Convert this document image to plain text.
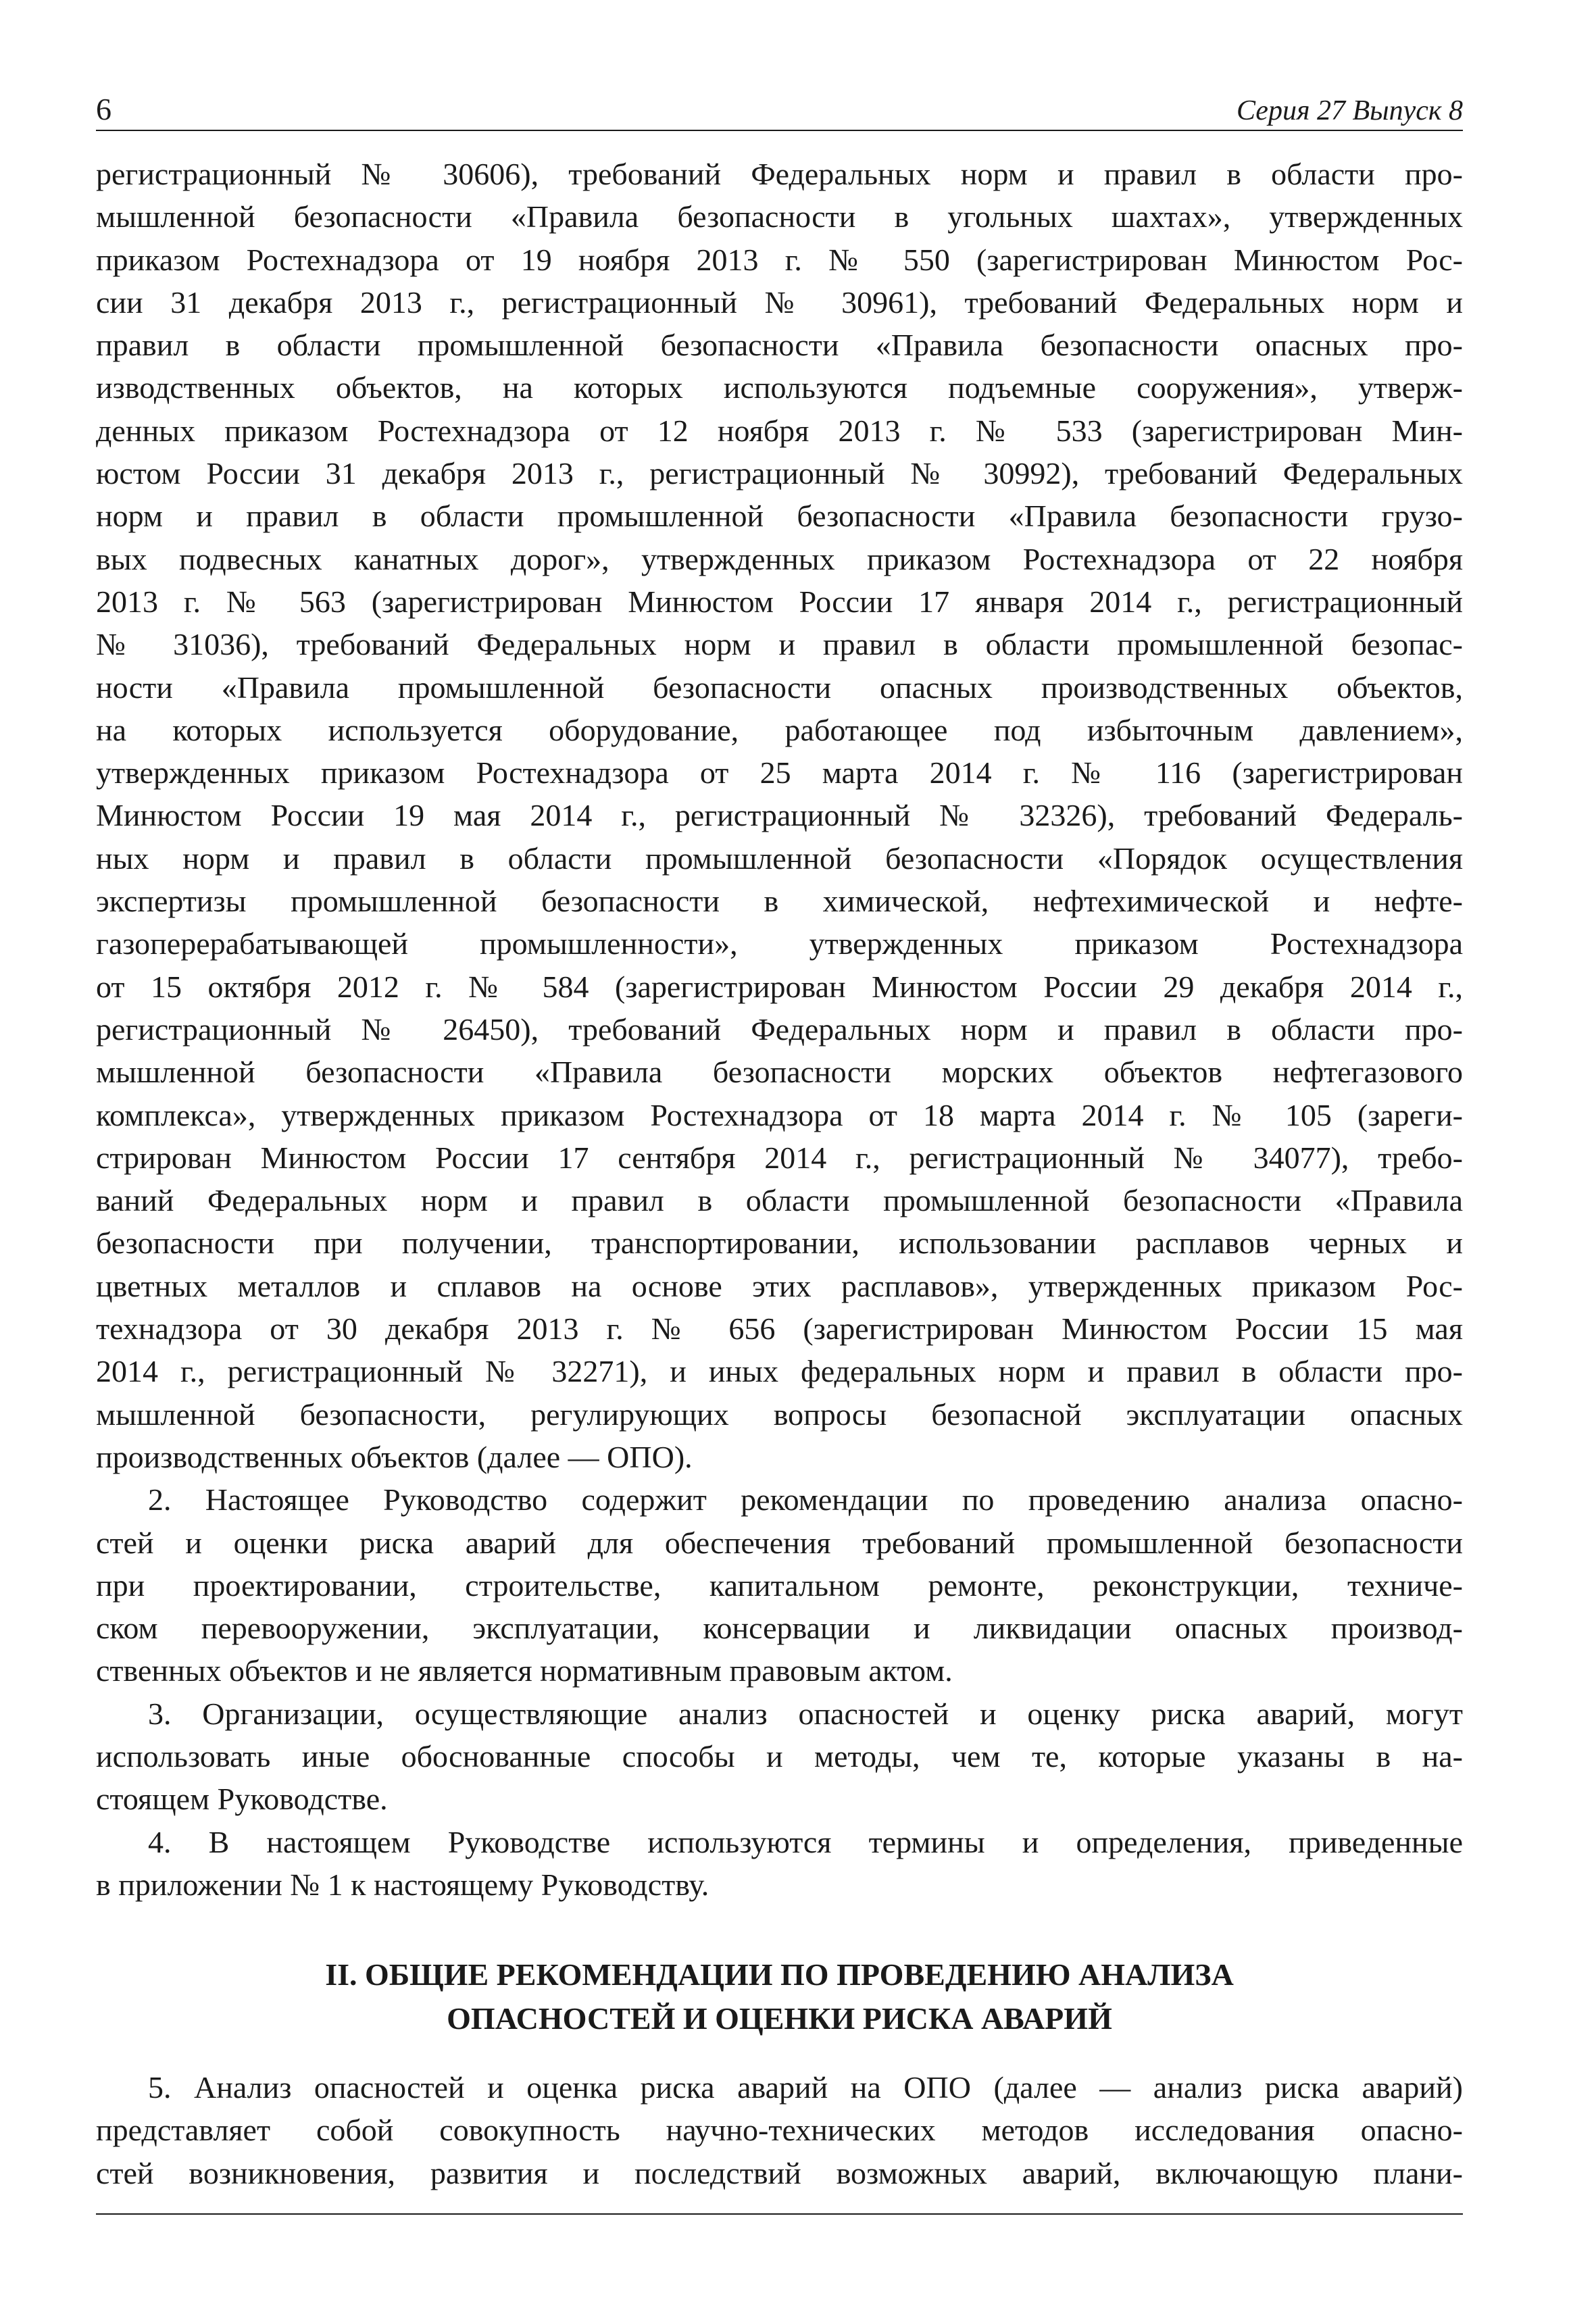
6	Серия 27 Выпуск 8
регистрационный № 30606), требований Федеральных норм и правил в области про-
мышленной безопасности «Правила безопасности в угольных шахтах», утвержденных
приказом Ростехнадзора от 19 ноября 2013 г. № 550 (зарегистрирован Минюстом Рос-
сии 31 декабря 2013 г., регистрационный № 30961), требований Федеральных норм и
правил в области промышленной безопасности «Правила безопасности опасных про-
изводственных объектов, на которых используются подъемные сооружения», утверж-
денных приказом Ростехнадзора от 12 ноября 2013 г. № 533 (зарегистрирован Мин-
юстом России 31 декабря 2013 г., регистрационный № 30992), требований Федеральных
норм и правил в области промышленной безопасности «Правила безопасности грузо-
вых подвесных канатных дорог», утвержденных приказом Ростехнадзора от 22 ноября
2013 г. № 563 (зарегистрирован Минюстом России 17 января 2014 г., регистрационный
№ 31036), требований Федеральных норм и правил в области промышленной безопас-
ности «Правила промышленной безопасности опасных производственных объектов,
на которых используется оборудование, работающее под избыточным давлением»,
утвержденных приказом Ростехнадзора от 25 марта 2014 г. № 116 (зарегистрирован
Минюстом России 19 мая 2014 г., регистрационный № 32326), требований Федераль-
ных норм и правил в области промышленной безопасности «Порядок осуществления
экспертизы промышленной безопасности в химической, нефтехимической и нефте-
газоперерабатывающей промышленности», утвержденных приказом Ростехнадзора
от 15 октября 2012 г. № 584 (зарегистрирован Минюстом России 29 декабря 2014 г.,
регистрационный № 26450), требований Федеральных норм и правил в области про-
мышленной безопасности «Правила безопасности морских объектов нефтегазового
комплекса», утвержденных приказом Ростехнадзора от 18 марта 2014 г. № 105 (зареги-
стрирован Минюстом России 17 сентября 2014 г., регистрационный № 34077), требо-
ваний Федеральных норм и правил в области промышленной безопасности «Правила
безопасности при получении, транспортировании, использовании расплавов черных и
цветных металлов и сплавов на основе этих расплавов», утвержденных приказом Рос-
технадзора от 30 декабря 2013 г. № 656 (зарегистрирован Минюстом России 15 мая
2014 г., регистрационный № 32271), и иных федеральных норм и правил в области про-
мышленной безопасности, регулирующих вопросы безопасной эксплуатации опасных
производственных объектов (далее — ОПО).
2. Настоящее Руководство содержит рекомендации по проведению анализа опасно-
стей и оценки риска аварий для обеспечения требований промышленной безопасности
при проектировании, строительстве, капитальном ремонте, реконструкции, техниче-
ском перевооружении, эксплуатации, консервации и ликвидации опасных производ-
ственных объектов и не является нормативным правовым актом.
3. Организации, осуществляющие анализ опасностей и оценку риска аварий, могут
использовать иные обоснованные способы и методы, чем те, которые указаны в на-
стоящем Руководстве.
4. В настоящем Руководстве используются термины и определения, приведенные
в приложении № 1 к настоящему Руководству.
II. ОБЩИЕ РЕКОМЕНДАЦИИ ПО ПРОВЕДЕНИЮ АНАЛИЗА
ОПАСНОСТЕЙ И ОЦЕНКИ РИСКА АВАРИЙ
5. Анализ опасностей и оценка риска аварий на ОПО (далее — анализ риска аварий)
представляет собой совокупность научно-технических методов исследования опасно-
стей возникновения, развития и последствий возможных аварий, включающую плани-
